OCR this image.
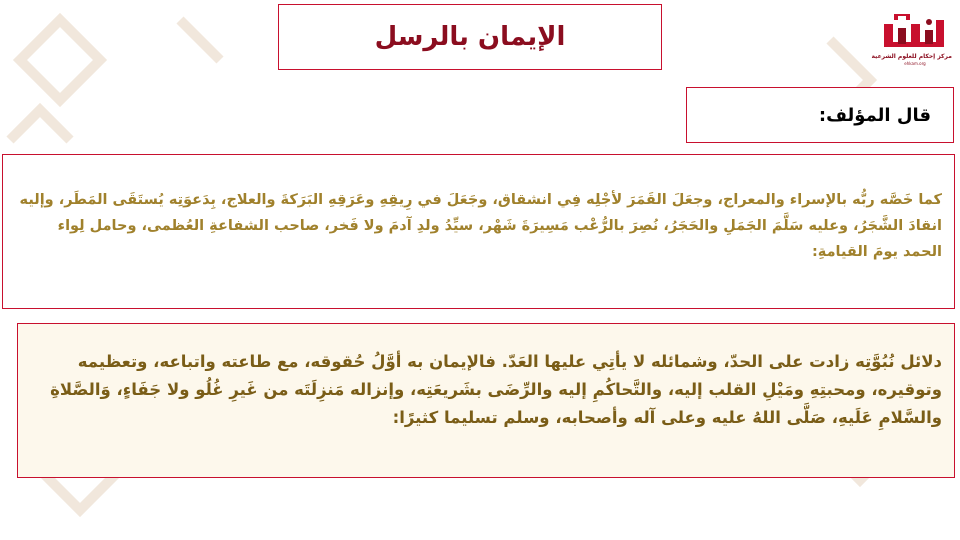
الإيمان بالرسل
مركز إحكام للعلوم الشرعية
ehkam.org
قال المؤلف:
كما خَصَّه ربُّه بالإسراء والمعراج، وجعَلَ القَمَرَ لأجْلِه فِي انشقاق، وجَعَلَ في رِيقِهِ وعَرَقِهِ البَرَكةَ والعلاج، بِدَعوَتِه يُستَقَى المَطَر، وإليه انقادَ الشَّجَرُ، وعليه سَلَّمَ الجَمَلِ والحَجَرُ، نُصِرَ بالرُّعْب مَسِيرَةَ شَهْر، سيِّدُ ولدِ آدمَ ولا فَخر، صاحب الشفاعةِ العُظمى، وحامل لِواء الحمد يومَ القيامةِ:
دلائل نُبُوَّتِه زادت على الحدّ، وشمائله لا يأتِي عليها العَدّ. فالإيمان به أوَّلُ حُقوقه، مع طاعته واتباعه، وتعظيمه وتوقيره، ومحبتِهِ ومَيْلِ القلب إليه، والتَّحاكُمِ إليه والرِّضَى بشَريعَتِه، وإنزاله مَنزِلَتَه من غَيرِ غُلُو ولا جَفَاءٍ، وَالصَّلاةِ والسَّلامِ عَلَيهِ، صَلَّى اللهُ عليه وعلى آله وأصحابه، وسلم تسليما كثيرًا:
